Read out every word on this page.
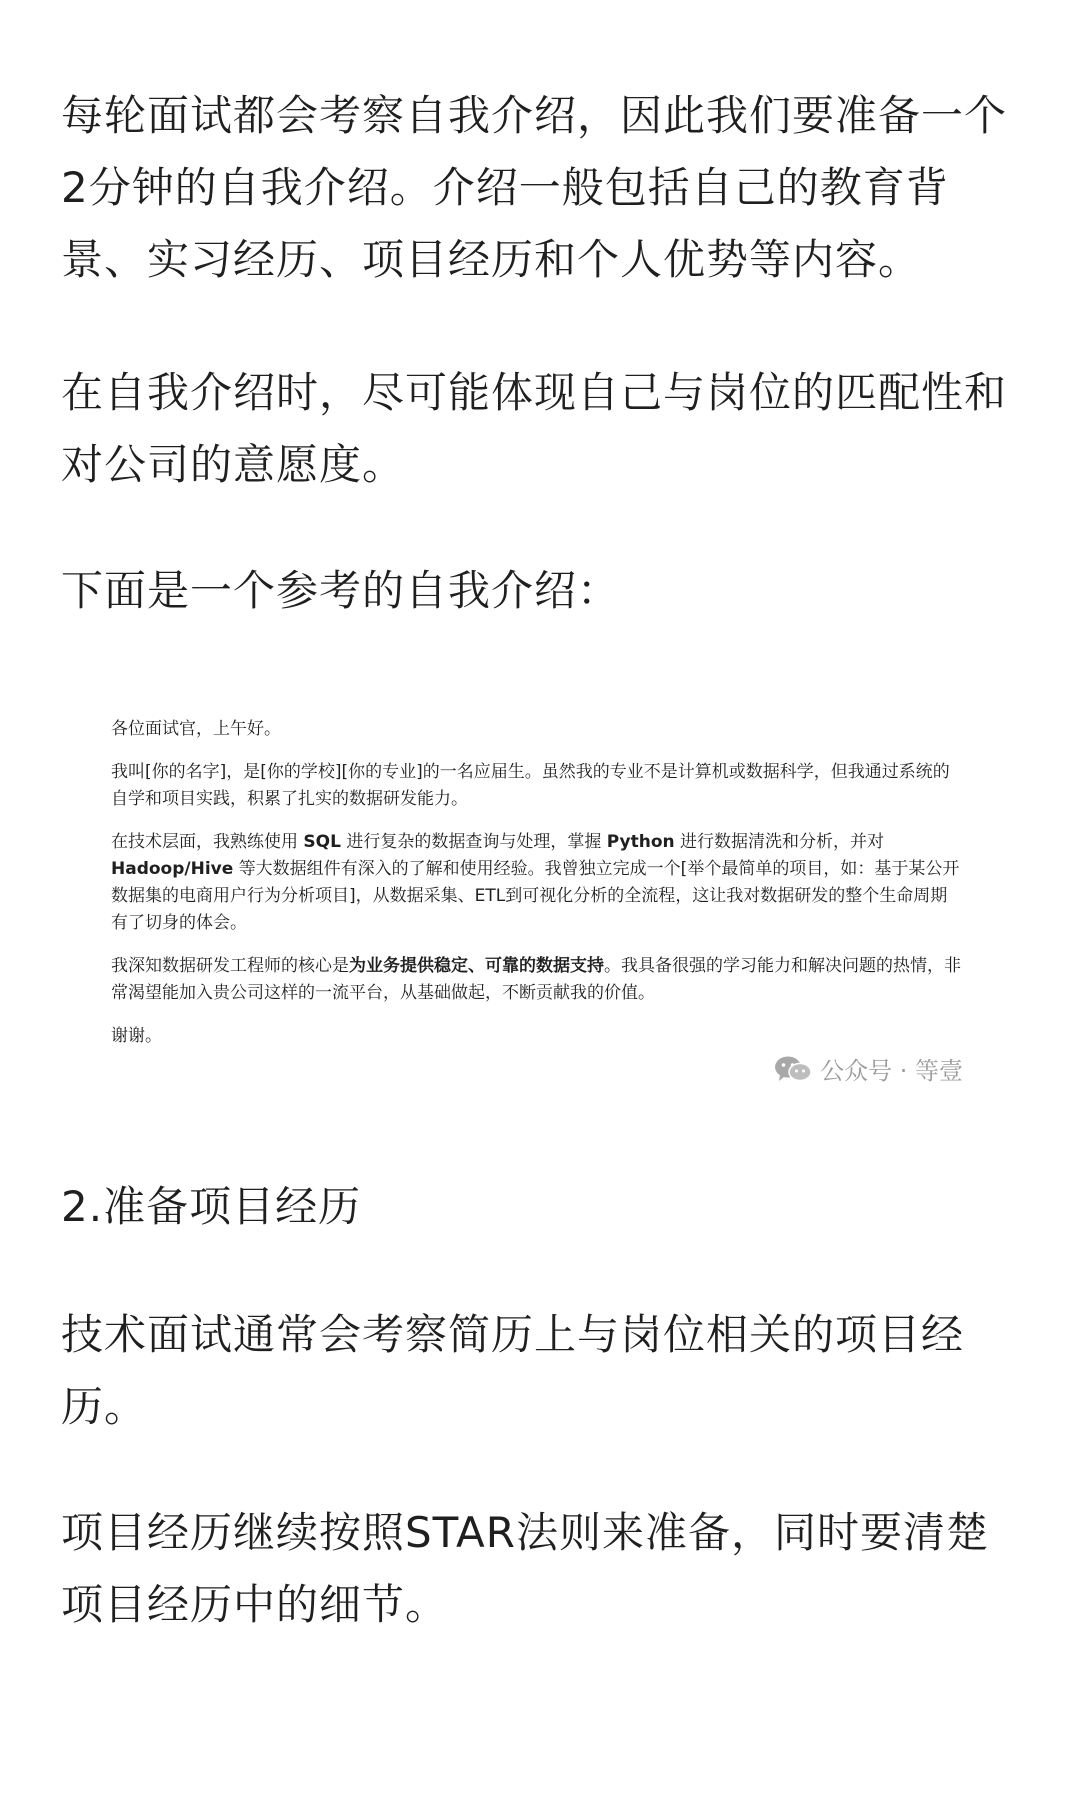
每轮面试都会考察自我介绍，因此我们要准备一个2分钟的自我介绍。介绍一般包括自己的教育背景、实习经历、项目经历和个人优势等内容。

在自我介绍时，尽可能体现自己与岗位的匹配性和对公司的意愿度。

下面是一个参考的自我介绍：

各位面试官，上午好。

我叫[你的名字]，是[你的学校][你的专业]的一名应届生。虽然我的专业不是计算机或数据科学，但我通过系统的自学和项目实践，积累了扎实的数据研发能力。

在技术层面，我熟练使用 SQL 进行复杂的数据查询与处理，掌握 Python 进行数据清洗和分析，并对 Hadoop/Hive 等大数据组件有深入的了解和使用经验。我曾独立完成一个[举个最简单的项目，如：基于某公开数据集的电商用户行为分析项目]，从数据采集、ETL到可视化分析的全流程，这让我对数据研发的整个生命周期有了切身的体会。

我深知数据研发工程师的核心是为业务提供稳定、可靠的数据支持。我具备很强的学习能力和解决问题的热情，非常渴望能加入贵公司这样的一流平台，从基础做起，不断贡献我的价值。

谢谢。

公众号 · 等壹

2.准备项目经历

技术面试通常会考察简历上与岗位相关的项目经历。

项目经历继续按照STAR法则来准备，同时要清楚项目经历中的细节。
